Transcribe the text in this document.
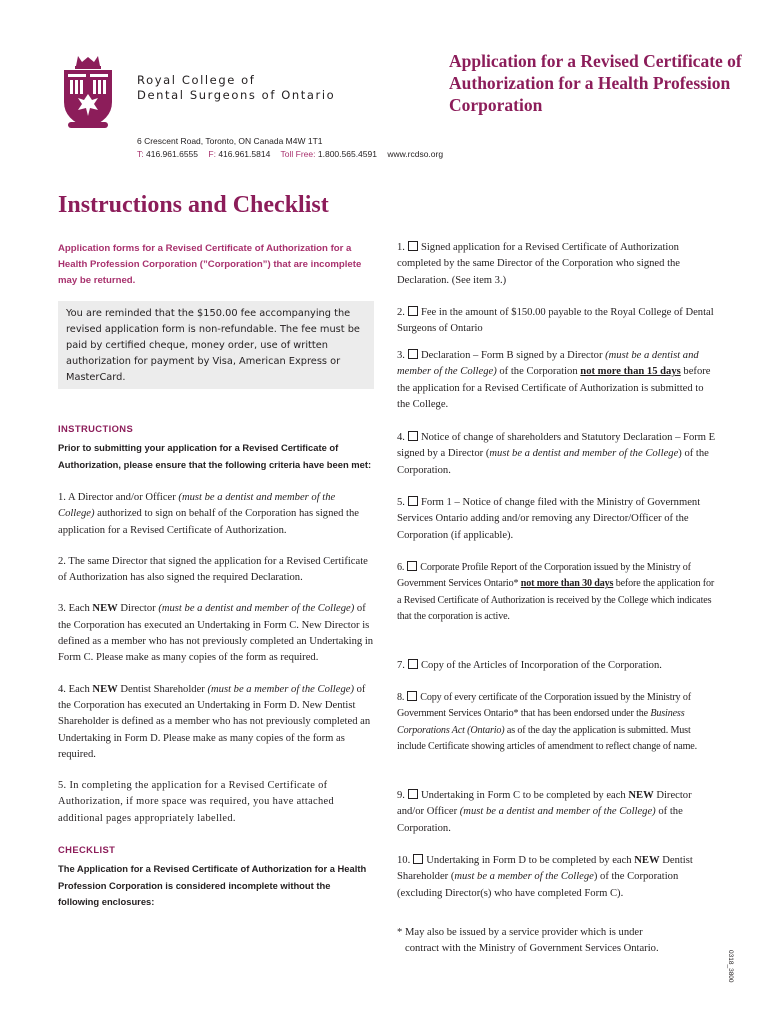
Royal College of
Dental Surgeons of Ontario
Application for a Revised Certificate of Authorization for a Health Profession Corporation
6 Crescent Road, Toronto, ON Canada M4W 1T1
T: 416.961.6555 F: 416.961.5814 Toll Free: 1.800.565.4591 www.rcdso.org
Instructions and Checklist
Application forms for a Revised Certificate of Authorization for a Health Profession Corporation (”Corporation”) that are incomplete may be returned.
You are reminded that the $150.00 fee accompanying the revised application form is non-refundable. The fee must be paid by certified cheque, money order, use of written authorization for payment by Visa, American Express or MasterCard.
INSTRUCTIONS
Prior to submitting your application for a Revised Certificate of Authorization, please ensure that the following criteria have been met:
1. A Director and/or Officer (must be a dentist and member of the College) authorized to sign on behalf of the Corporation has signed the application for a Revised Certificate of Authorization.
2. The same Director that signed the application for a Revised Certificate of Authorization has also signed the required Declaration.
3. Each NEW Director (must be a dentist and member of the College) of the Corporation has executed an Undertaking in Form C. New Director is defined as a member who has not previously completed an Undertaking in Form C. Please make as many copies of the form as required.
4. Each NEW Dentist Shareholder (must be a member of the College) of the Corporation has executed an Undertaking in Form D. New Dentist Shareholder is defined as a member who has not previously completed an Undertaking in Form D. Please make as many copies of the form as required.
5. In completing the application for a Revised Certificate of Authorization, if more space was required, you have attached additional pages appropriately labelled.
CHECKLIST
The Application for a Revised Certificate of Authorization for a Health Profession Corporation is considered incomplete without the following enclosures:
1. Signed application for a Revised Certificate of Authorization completed by the same Director of the Corporation who signed the Declaration. (See item 3.)
2. Fee in the amount of $150.00 payable to the Royal College of Dental Surgeons of Ontario
3. Declaration – Form B signed by a Director (must be a dentist and member of the College) of the Corporation not more than 15 days before the application for a Revised Certificate of Authorization is submitted to the College.
4. Notice of change of shareholders and Statutory Declaration – Form E signed by a Director (must be a dentist and member of the College) of the Corporation.
5. Form 1 – Notice of change filed with the Ministry of Government Services Ontario adding and/or removing any Director/Officer of the Corporation (if applicable).
6. Corporate Profile Report of the Corporation issued by the Ministry of Government Services Ontario* not more than 30 days before the application for a Revised Certificate of Authorization is received by the College which indicates that the corporation is active.
7. Copy of the Articles of Incorporation of the Corporation.
8. Copy of every certificate of the Corporation issued by the Ministry of Government Services Ontario* that has been endorsed under the Business Corporations Act (Ontario) as of the day the application is submitted. Must include Certificate showing articles of amendment to reflect change of name.
9. Undertaking in Form C to be completed by each NEW Director and/or Officer (must be a dentist and member of the College) of the Corporation.
10. Undertaking in Form D to be completed by each NEW Dentist Shareholder (must be a member of the College) of the Corporation (excluding Director(s) who have completed Form C).
* May also be issued by a service provider which is under
contract with the Ministry of Government Services Ontario.
0318_3800
